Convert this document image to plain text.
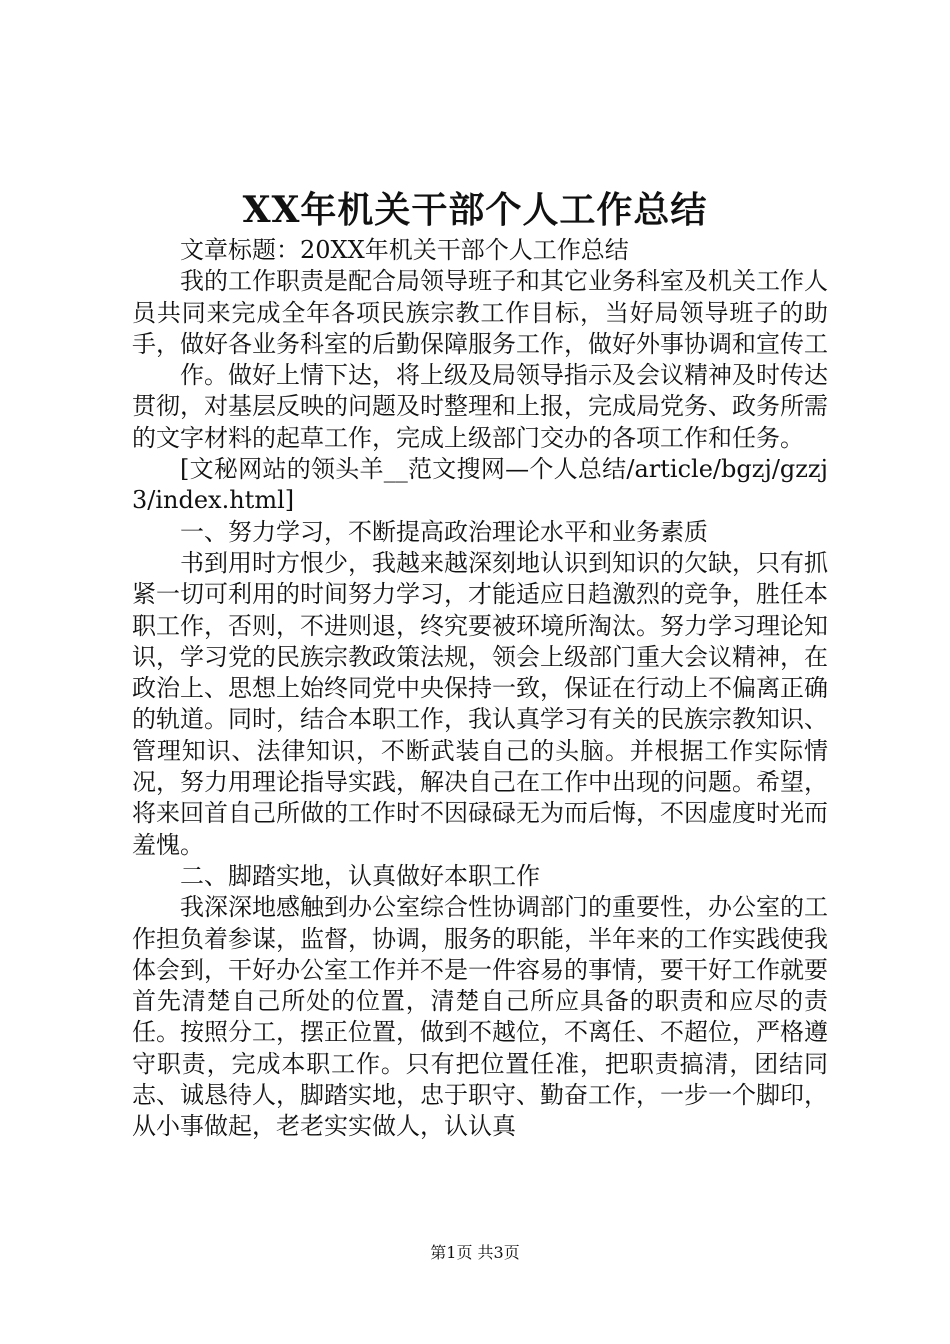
XX年机关干部个人工作总结

文章标题：20XX年机关干部个人工作总结

我的工作职责是配合局领导班子和其它业务科室及机关工作人员共同来完成全年各项民族宗教工作目标，当好局领导班子的助手，做好各业务科室的后勤保障服务工作，做好外事协调和宣传工

作。做好上情下达，将上级及局领导指示及会议精神及时传达贯彻，对基层反映的问题及时整理和上报，完成局党务、政务所需的文字材料的起草工作，完成上级部门交办的各项工作和任务。

[文秘网站的领头羊__范文搜网—个人总结/article/bgzj/gzzj3/index.html]

一、努力学习，不断提高政治理论水平和业务素质

书到用时方恨少，我越来越深刻地认识到知识的欠缺，只有抓紧一切可利用的时间努力学习，才能适应日趋激烈的竞争，胜任本职工作，否则，不进则退，终究要被环境所淘汰。努力学习理论知识，学习党的民族宗教政策法规，领会上级部门重大会议精神，在政治上、思想上始终同党中央保持一致，保证在行动上不偏离正确的轨道。同时，结合本职工作，我认真学习有关的民族宗教知识、管理知识、法律知识，不断武装自己的头脑。并根据工作实际情况，努力用理论指导实践，解决自己在工作中出现的问题。希望，将来回首自己所做的工作时不因碌碌无为而后悔，不因虚度时光而羞愧。

二、脚踏实地，认真做好本职工作

我深深地感触到办公室综合性协调部门的重要性，办公室的工作担负着参谋，监督，协调，服务的职能，半年来的工作实践使我体会到，干好办公室工作并不是一件容易的事情，要干好工作就要首先清楚自己所处的位置，清楚自己所应具备的职责和应尽的责任。按照分工，摆正位置，做到不越位，不离任、不超位，严格遵守职责，完成本职工作。只有把位置任准，把职责搞清，团结同志、诚恳待人，脚踏实地，忠于职守、勤奋工作，一步一个脚印，从小事做起，老老实实做人，认认真

第1页 共3页
